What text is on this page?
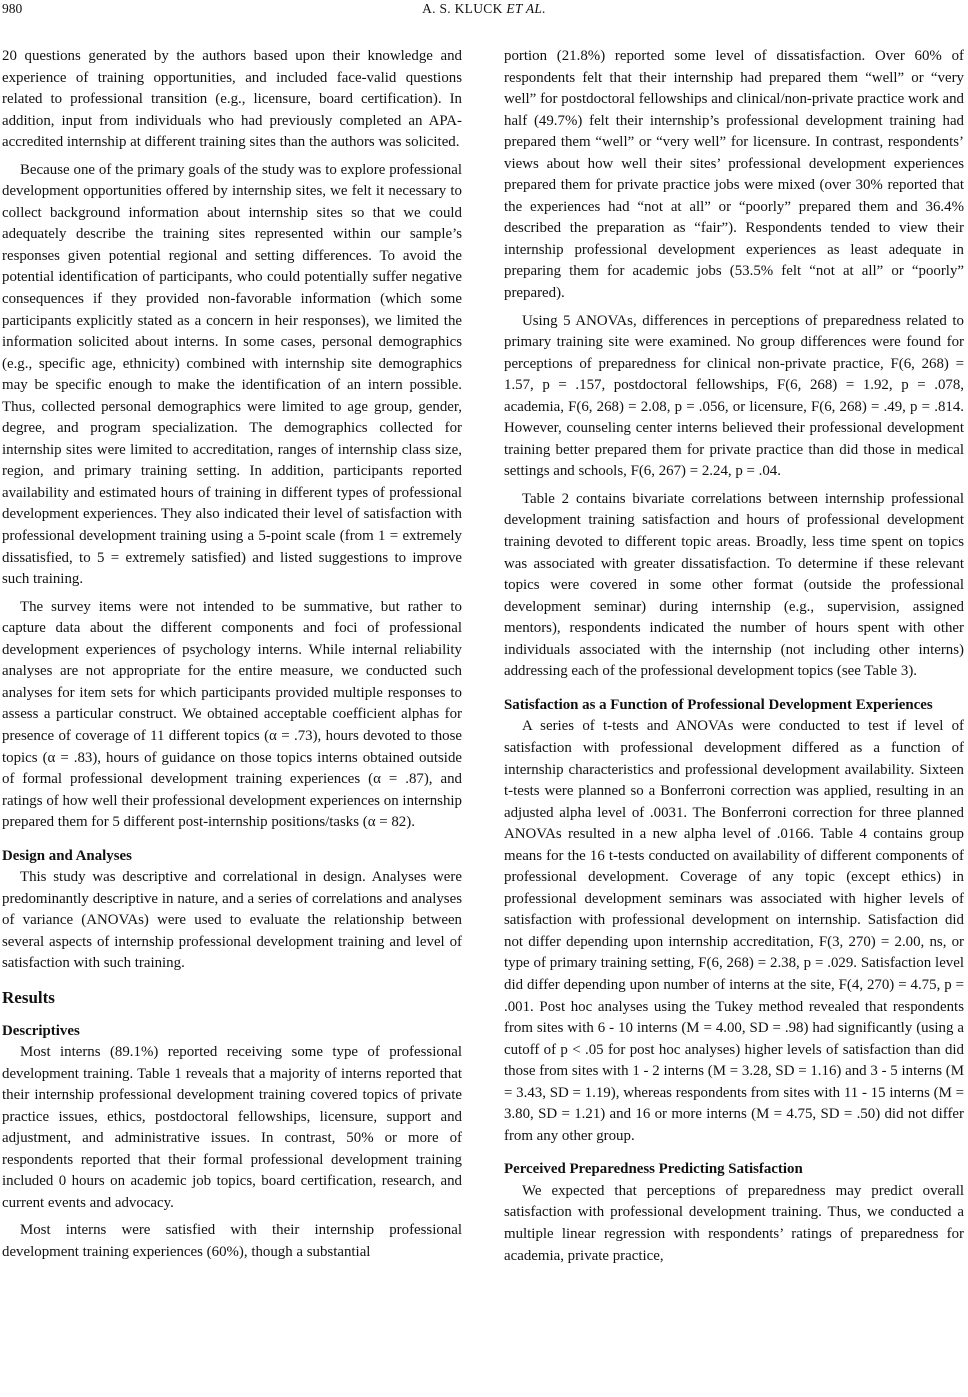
980	A. S. KLUCK ET AL.

20 questions generated by the authors based upon their knowledge and experience of training opportunities, and included face-valid questions related to professional transition (e.g., licensure, board certification). In addition, input from individuals who had previously completed an APA-accredited internship at different training sites than the authors was solicited.

Because one of the primary goals of the study was to explore professional development opportunities offered by internship sites, we felt it necessary to collect background information about internship sites so that we could adequately describe the training sites represented within our sample’s responses given potential regional and setting differences. To avoid the potential identification of participants, who could potentially suffer negative consequences if they provided non-favorable information (which some participants explicitly stated as a concern in heir responses), we limited the information solicited about interns. In some cases, personal demographics (e.g., specific age, ethnicity) combined with internship site demographics may be specific enough to make the identification of an intern possible. Thus, collected personal demographics were limited to age group, gender, degree, and program specialization. The demographics collected for internship sites were limited to accreditation, ranges of internship class size, region, and primary training setting. In addition, participants reported availability and estimated hours of training in different types of professional development experiences. They also indicated their level of satisfaction with professional development training using a 5-point scale (from 1 = extremely dissatisfied, to 5 = extremely satisfied) and listed suggestions to improve such training.

The survey items were not intended to be summative, but rather to capture data about the different components and foci of professional development experiences of psychology interns. While internal reliability analyses are not appropriate for the entire measure, we conducted such analyses for item sets for which participants provided multiple responses to assess a particular construct. We obtained acceptable coefficient alphas for presence of coverage of 11 different topics (α = .73), hours devoted to those topics (α = .83), hours of guidance on those topics interns obtained outside of formal professional development training experiences (α = .87), and ratings of how well their professional development experiences on internship prepared them for 5 different post-internship positions/tasks (α = 82).

Design and Analyses

This study was descriptive and correlational in design. Analyses were predominantly descriptive in nature, and a series of correlations and analyses of variance (ANOVAs) were used to evaluate the relationship between several aspects of internship professional development training and level of satisfaction with such training.

Results
Descriptives

Most interns (89.1%) reported receiving some type of professional development training. Table 1 reveals that a majority of interns reported that their internship professional development training covered topics of private practice issues, ethics, postdoctoral fellowships, licensure, support and adjustment, and administrative issues. In contrast, 50% or more of respondents reported that their formal professional development training included 0 hours on academic job topics, board certification, research, and current events and advocacy.

Most interns were satisfied with their internship professional development training experiences (60%), though a substantial

portion (21.8%) reported some level of dissatisfaction. Over 60% of respondents felt that their internship had prepared them “well” or “very well” for postdoctoral fellowships and clinical/non-private practice work and half (49.7%) felt their internship’s professional development training had prepared them “well” or “very well” for licensure. In contrast, respondents’ views about how well their sites’ professional development experiences prepared them for private practice jobs were mixed (over 30% reported that the experiences had “not at all” or “poorly” prepared them and 36.4% described the preparation as “fair”). Respondents tended to view their internship professional development experiences as least adequate in preparing them for academic jobs (53.5% felt “not at all” or “poorly” prepared).

Using 5 ANOVAs, differences in perceptions of preparedness related to primary training site were examined. No group differences were found for perceptions of preparedness for clinical non-private practice, F(6, 268) = 1.57, p = .157, postdoctoral fellowships, F(6, 268) = 1.92, p = .078, academia, F(6, 268) = 2.08, p = .056, or licensure, F(6, 268) = .49, p = .814. However, counseling center interns believed their professional development training better prepared them for private practice than did those in medical settings and schools, F(6, 267) = 2.24, p = .04.

Table 2 contains bivariate correlations between internship professional development training satisfaction and hours of professional development training devoted to different topic areas. Broadly, less time spent on topics was associated with greater dissatisfaction. To determine if these relevant topics were covered in some other format (outside the professional development seminar) during internship (e.g., supervision, assigned mentors), respondents indicated the number of hours spent with other individuals associated with the internship (not including other interns) addressing each of the professional development topics (see Table 3).

Satisfaction as a Function of Professional Development Experiences

A series of t-tests and ANOVAs were conducted to test if level of satisfaction with professional development differed as a function of internship characteristics and professional development availability. Sixteen t-tests were planned so a Bonferroni correction was applied, resulting in an adjusted alpha level of .0031. The Bonferroni correction for three planned ANOVAs resulted in a new alpha level of .0166. Table 4 contains group means for the 16 t-tests conducted on availability of different components of professional development. Coverage of any topic (except ethics) in professional development seminars was associated with higher levels of satisfaction with professional development on internship. Satisfaction did not differ depending upon internship accreditation, F(3, 270) = 2.00, ns, or type of primary training setting, F(6, 268) = 2.38, p = .029. Satisfaction level did differ depending upon number of interns at the site, F(4, 270) = 4.75, p = .001. Post hoc analyses using the Tukey method revealed that respondents from sites with 6 - 10 interns (M = 4.00, SD = .98) had significantly (using a cutoff of p < .05 for post hoc analyses) higher levels of satisfaction than did those from sites with 1 - 2 interns (M = 3.28, SD = 1.16) and 3 - 5 interns (M = 3.43, SD = 1.19), whereas respondents from sites with 11 - 15 interns (M = 3.80, SD = 1.21) and 16 or more interns (M = 4.75, SD = .50) did not differ from any other group.

Perceived Preparedness Predicting Satisfaction

We expected that perceptions of preparedness may predict overall satisfaction with professional development training. Thus, we conducted a multiple linear regression with respondents’ ratings of preparedness for academia, private practice,
